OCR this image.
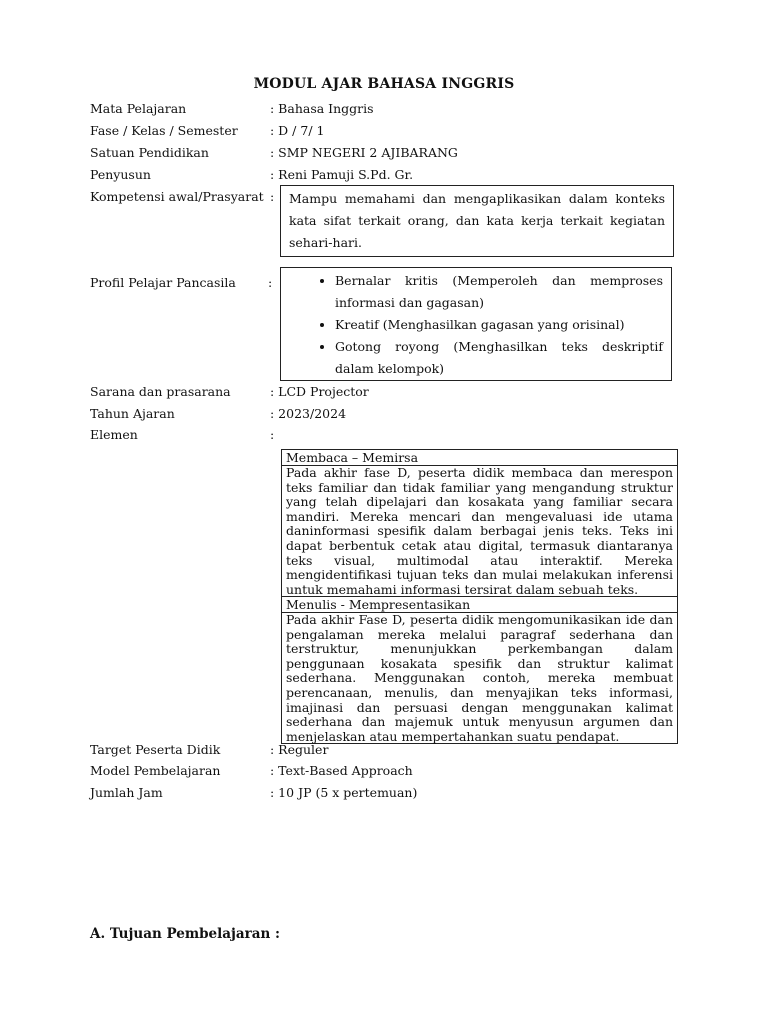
MODUL AJAR BAHASA INGGRIS
Mata Pelajaran	: Bahasa Inggris
Fase / Kelas / Semester	: D / 7/ 1
Satuan Pendidikan	: SMP NEGERI 2 AJIBARANG
Penyusun	: Reni Pamuji S.Pd. Gr.
Kompetensi awal/Prasyarat :	Mampu memahami dan mengaplikasikan dalam konteks kata sifat terkait orang, dan kata kerja terkait kegiatan sehari-hari.
Profil Pelajar Pancasila	:
•	Bernalar kritis (Memperoleh dan memproses informasi dan gagasan)
• Kreatif (Menghasilkan gagasan yang orisinal)
• Gotong royong (Menghasilkan teks deskriptif dalam kelompok)
Sarana dan prasarana	: LCD Projector
Tahun Ajaran	: 2023/2024
Elemen	:
Membaca – Memirsa
Pada akhir fase D, peserta didik membaca dan merespon teks familiar dan tidak familiar yang mengandung struktur yang telah dipelajari dan kosakata yang familiar secara mandiri. Mereka mencari dan mengevaluasi ide utama daninformasi spesifik dalam berbagai jenis teks. Teks ini dapat berbentuk cetak atau digital, termasuk diantaranya teks visual, multimodal atau interaktif. Mereka mengidentifikasi tujuan teks dan mulai melakukan inferensi untuk memahami informasi tersirat dalam sebuah teks.
Menulis - Mempresentasikan
Pada akhir Fase D, peserta didik mengomunikasikan ide dan pengalaman mereka melalui paragraf sederhana dan terstruktur, menunjukkan perkembangan dalam penggunaan kosakata spesifik dan struktur kalimat sederhana. Menggunakan contoh, mereka membuat perencanaan, menulis, dan menyajikan teks informasi, imajinasi dan persuasi dengan menggunakan kalimat sederhana dan majemuk untuk menyusun argumen dan menjelaskan atau mempertahankan suatu pendapat.
Target Peserta Didik	: Reguler
Model Pembelajaran	: Text-Based Approach
Jumlah Jam	: 10 JP (5 x pertemuan)
A. Tujuan Pembelajaran :
